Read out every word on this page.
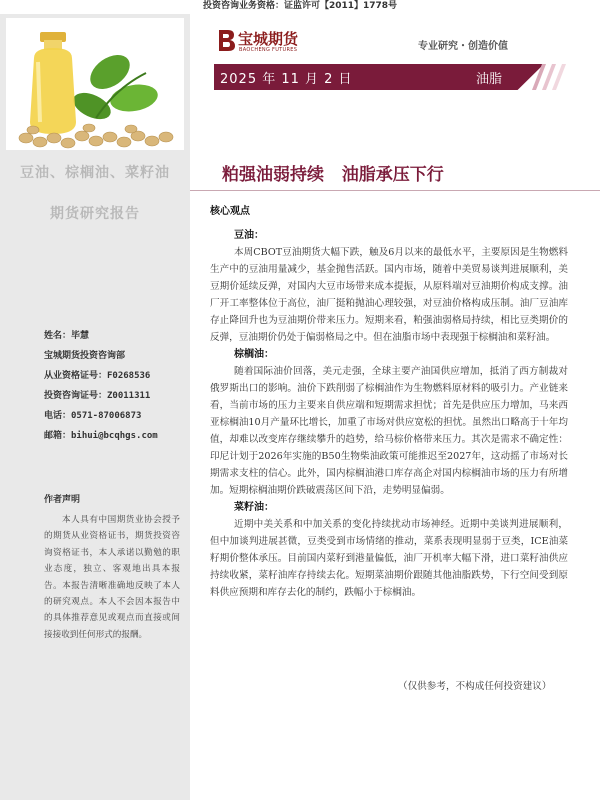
投资咨询业务资格：证监许可【2011】1778号
豆油、棕榈油、菜籽油
期货研究报告
姓名：毕慧
宝城期货投资咨询部
从业资格证号：F0268536
投资咨询证号：Z0011311
电话：0571-87006873
邮箱：bihui@bcqhgs.com
作者声明
本人具有中国期货业协会授予的期货从业资格证书，期货投资咨询资格证书，本人承诺以勤勉的职业态度，独立、客观地出具本报告。本报告清晰准确地反映了本人的研究观点。本人不会因本报告中的具体推荐意见或观点而直接或间接接收到任何形式的报酬。
宝城期货
BAOCHENG FUTURES	专业研究・创造价值
2025 年 11 月 2 日	油脂
粕强油弱持续   油脂承压下行
核心观点

豆油：

本周CBOT豆油期货大幅下跌，触及6月以来的最低水平，主要原因是生物燃料生产中的豆油用量减少，基金抛售活跃。国内市场，随着中美贸易谈判进展顺利，美豆期价延续反弹，对国内大豆市场带来成本提振，从原料端对豆油期价构成支撑。油厂开工率整体位于高位，油厂挺粕抛油心理较强，对豆油价格构成压制。油厂豆油库存止降回升也为豆油期价带来压力。短期来看，粕强油弱格局持续，相比豆类期价的反弹，豆油期价仍处于偏弱格局之中。但在油脂市场中表现强于棕榈油和菜籽油。

棕榈油：

随着国际油价回落，美元走强，全球主要产油国供应增加，抵消了西方制裁对俄罗斯出口的影响。油价下跌削弱了棕榈油作为生物燃料原材料的吸引力。产业链来看，当前市场的压力主要来自供应端和短期需求担忧；首先是供应压力增加，马来西亚棕榈油10月产量环比增长，加重了市场对供应宽松的担忧。虽然出口略高于十年均值，却难以改变库存继续攀升的趋势，给马棕价格带来压力。其次是需求不确定性：印尼计划于2026年实施的B50生物柴油政策可能推迟至2027年，这动摇了市场对长期需求支柱的信心。此外，国内棕榈油港口库存高企对国内棕榈油市场的压力有所增加。短期棕榈油期价跌破震荡区间下沿，走势明显偏弱。

菜籽油：

近期中美关系和中加关系的变化持续扰动市场神经。近期中美谈判进展顺利，但中加谈判进展甚微，豆类受到市场情绪的推动，菜系表现明显弱于豆类，ICE油菜籽期价整体承压。目前国内菜籽到港量偏低，油厂开机率大幅下滑，进口菜籽油供应持续收紧，菜籽油库存持续去化。短期菜油期价跟随其他油脂跌势，下行空间受到原料供应预期和库存去化的制约，跌幅小于棕榈油。

（仅供参考，不构成任何投资建议）
